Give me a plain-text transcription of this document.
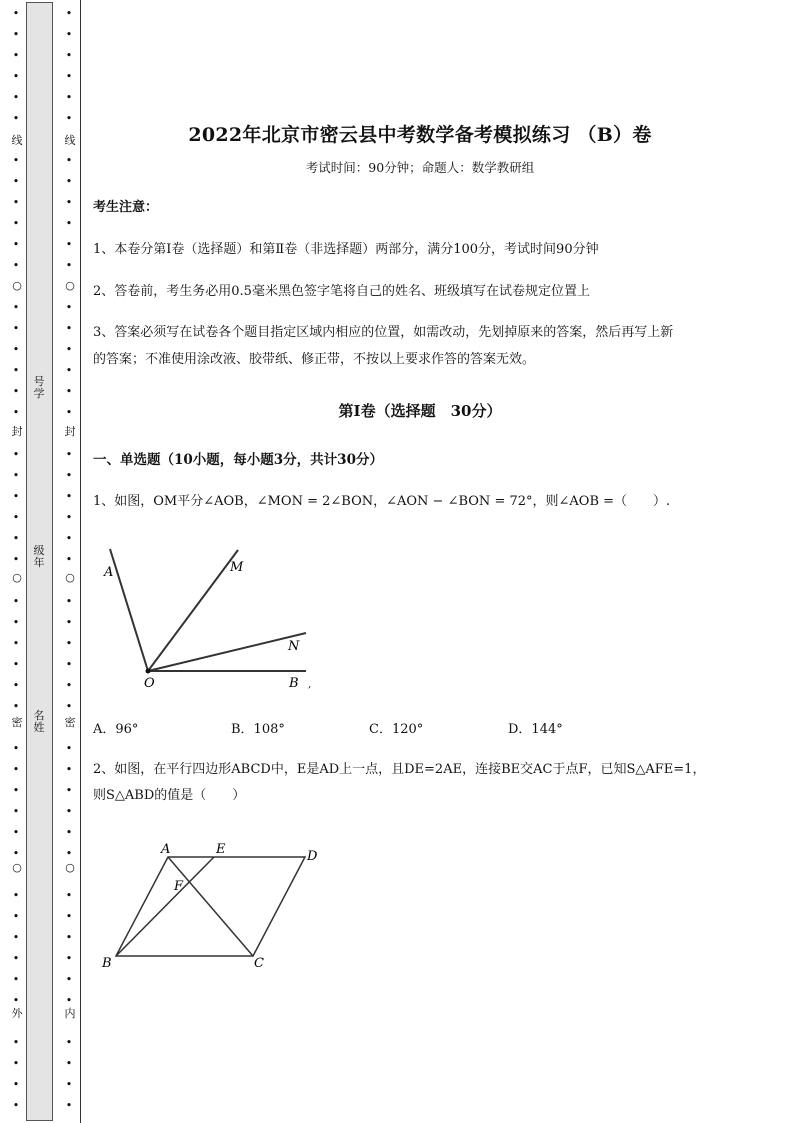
•
•
•
•
•
•
•
•
•
•
•
•
•
•
•
•
•
•
•
•
•
•
•
•
•
•
•
•
•
•
•
•
•
•
•
•
•
•
•
•
•
•
•
•
•
•
•
•
•
•
•
•
•
•
•
•
•
•
•
•
•
•
•
•
•
•
•
•
•
•
•
•
•
•
•
•
•
•
•
•
•
•
•
•
•
•
•
•
•
•
•
•
线
○
封
○
密
○
外
线
○
封
○
密
○
内
号学
级年
名姓
2022年北京市密云县中考数学备考模拟练习 （B）卷
考试时间：90分钟；命题人：数学教研组
考生注意：
1、本卷分第I卷（选择题）和第Ⅱ卷（非选择题）两部分，满分100分，考试时间90分钟
2、答卷前，考生务必用0.5毫米黑色签字笔将自己的姓名、班级填写在试卷规定位置上
3、答案必须写在试卷各个题目指定区域内相应的位置，如需改动，先划掉原来的答案，然后再写上新
的答案；不准使用涂改液、胶带纸、修正带，不按以上要求作答的答案无效。
第I卷（选择题　30分）
一、单选题（10小题，每小题3分，共计30分）
1、如图，OM平分∠AOB，∠MON = 2∠BON，∠AON − ∠BON = 72°，则∠AOB =（　　）.
A	M
N
O	B ,
A．96°	B．108°	C．120°	D．144°
2、如图，在平行四边形ABCD中，E是AD上一点，且DE=2AE，连接BE交AC于点F，已知S△AFE=1，
则S△ABD的值是（　　）
A	E	D
F
B	C
